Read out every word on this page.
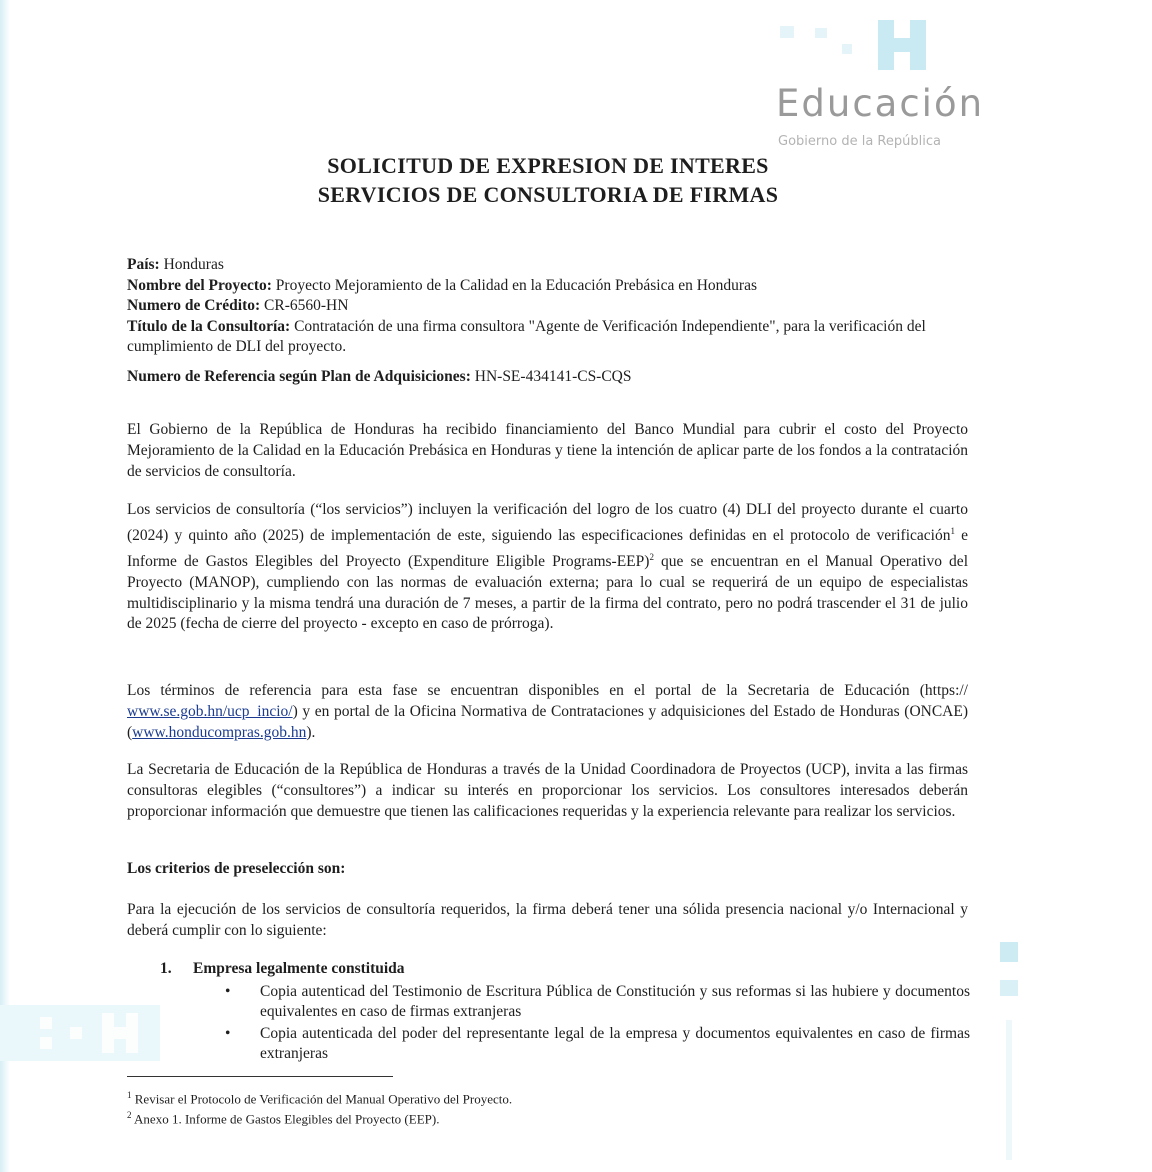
Educación
Gobierno de la República
SOLICITUD DE EXPRESION DE INTERES
SERVICIOS DE CONSULTORIA DE FIRMAS

País: Honduras

Nombre del Proyecto: Proyecto Mejoramiento de la Calidad en la Educación Prebásica en Honduras

Numero de Crédito: CR-6560-HN

Título de la Consultoría: Contratación de una firma consultora "Agente de Verificación Independiente", para la verificación del cumplimiento de DLI del proyecto.

Numero de Referencia según Plan de Adquisiciones: HN-SE-434141-CS-CQS

El Gobierno de la República de Honduras ha recibido financiamiento del Banco Mundial para cubrir el costo del Proyecto Mejoramiento de la Calidad en la Educación Prebásica en Honduras y tiene la intención de aplicar parte de los fondos a la contratación de servicios de consultoría.

Los servicios de consultoría (“los servicios”) incluyen la verificación del logro de los cuatro (4) DLI del proyecto durante el cuarto (2024) y quinto año (2025) de implementación de este, siguiendo las especificaciones definidas en el protocolo de verificación$^1$ e Informe de Gastos Elegibles del Proyecto (Expenditure Eligible Programs-EEP)$^2$ que se encuentran en el Manual Operativo del Proyecto (MANOP), cumpliendo con las normas de evaluación externa; para lo cual se requerirá de un equipo de especialistas multidisciplinario y la misma tendrá una duración de 7 meses, a partir de la firma del contrato, pero no podrá trascender el 31 de julio de 2025 (fecha de cierre del proyecto - excepto en caso de prórroga).

Los términos de referencia para esta fase se encuentran disponibles en el portal de la Secretaria de Educación (https:// www.se.gob.hn/ucp_incio/) y en portal de la Oficina Normativa de Contrataciones y adquisiciones del Estado de Honduras (ONCAE) (www.honducompras.gob.hn).

La Secretaria de Educación de la República de Honduras a través de la Unidad Coordinadora de Proyectos (UCP), invita a las firmas consultoras elegibles (“consultores”) a indicar su interés en proporcionar los servicios. Los consultores interesados deberán proporcionar información que demuestre que tienen las calificaciones requeridas y la experiencia relevante para realizar los servicios.

Los criterios de preselección son:

Para la ejecución de los servicios de consultoría requeridos, la firma deberá tener una sólida presencia nacional y/o Internacional y deberá cumplir con lo siguiente:

1. Empresa legalmente constituida
• Copia autenticad del Testimonio de Escritura Pública de Constitución y sus reformas si las hubiere y documentos equivalentes en caso de firmas extranjeras
• Copia autenticada del poder del representante legal de la empresa y documentos equivalentes en caso de firmas extranjeras

$^1$ Revisar el Protocolo de Verificación del Manual Operativo del Proyecto.

$^2$ Anexo 1. Informe de Gastos Elegibles del Proyecto (EEP).
